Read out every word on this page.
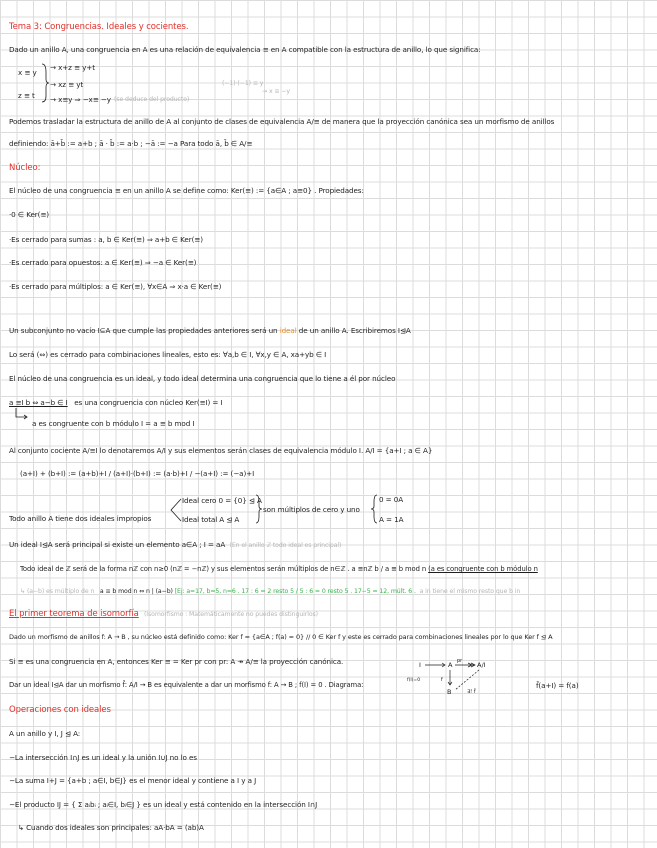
Tema 3: Congruencias. Ideales y cocientes.
Dado un anillo A, una congruencia en A es una relación de equivalencia ≡ en A compatible con la estructura de anillo, lo que significa:
x ≡ y
z ≡ t
→ x+z ≡ y+t
→ xz ≡ yt
→ x≡y ⇒ −x≡ −y (se deduce del producto)
(−1)·(−1) ≡ y
→ x ≡ −y
Podemos trasladar la estructura de anillo de A al conjunto de clases de equivalencia A/≡ de manera que la proyección canónica sea un morfismo de anillos
definiendo: ā+b̄ := a+b ; ā · b̄ := a·b ; −ā := −a Para todo ā, b̄ ∈ A/≡
Núcleo:
El núcleo de una congruencia ≡ en un anillo A se define como: Ker(≡) := {a∈A ; a≡0} . Propiedades:
·0 ∈ Ker(≡)
·Es cerrado para sumas : a, b ∈ Ker(≡) ⇒ a+b ∈ Ker(≡)
·Es cerrado para opuestos: a ∈ Ker(≡) ⇒ −a ∈ Ker(≡)
·Es cerrado para múltiplos: a ∈ Ker(≡), ∀x∈A ⇒ x·a ∈ Ker(≡)
Un subconjunto no vacío I⊆A que cumple las propiedades anteriores será un ideal de un anillo A. Escribiremos I⊴A
Lo será (⇔) es cerrado para combinaciones lineales, esto es: ∀a,b ∈ I, ∀x,y ∈ A, xa+yb ∈ I
El núcleo de una congruencia es un ideal, y todo ideal determina una congruencia que lo tiene a él por núcleo
a ≡I b ⇔ a−b ∈ I es una congruencia con núcleo Ker(≡I) = I
a es congruente con b módulo I = a ≡ b mod I
Al conjunto cociente A/≡I lo denotaremos A/I y sus elementos serán clases de equivalencia módulo I. A/I = {a+I ; a ∈ A}
(a+I) + (b+I) := (a+b)+I / (a+I)·(b+I) := (a·b)+I / −(a+I) := (−a)+I
Todo anillo A tiene dos ideales impropios
Ideal cero 0 = {0} ⊴ A
Ideal total A ⊴ A
son múltiplos de cero y uno
0 = 0A
A = 1A
Un ideal I⊴A será principal si existe un elemento a∈A ; I = aA (En el anillo ℤ todo ideal es principal)
Todo ideal de ℤ será de la forma nℤ con n≥0 (nℤ = −nℤ) y sus elementos serán múltiplos de n∈ℤ . a ≡nℤ b / a ≡ b mod n (a es congruente con b módulo n
↳ (a−b) es múltiplo de n a ≡ b mod n ⇔ n | (a−b) [Ej: a=17, b=5, n=6 . 17 : 6 = 2 resto 5 / 5 : 6 = 0 resto 5 . 17−5 = 12, múlt. 6 . a in tiene el mismo resto que b in
El primer teorema de isomorfía (Isomorfismo : Matemáticamente no puedes distinguirlos)
Dado un morfismo de anillos f: A → B , su núcleo está definido como: Ker f = {a∈A ; f(a) = 0} // 0 ∈ Ker f y este es cerrado para combinaciones lineales por lo que Ker f ⊴ A
Si ≡ es una congruencia en A, entonces Ker ≡ = Ker pr con pr: A ↠ A/≡ la proyección canónica.
Dar un ideal I⊴A dar un morfismo f̄: A/I → B es equivalente a dar un morfismo f: A → B ; f(I) = 0 . Diagrama:
I	A pr A/I
f
B	∃! f̄
f(I)=0
f̄(a+I) = f(a)
Operaciones con ideales
A un anillo y I, J ⊴ A:
−La intersección I∩J es un ideal y la unión I∪J no lo es
−La suma I+J = {a+b ; a∈I, b∈J} es el menor ideal y contiene a I y a J
−El producto IJ = { Σ aᵢbᵢ ; aᵢ∈I, bᵢ∈J } es un ideal y está contenido en la intersección I∩J
↳ Cuando dos ideales son principales: aA·bA = (ab)A
